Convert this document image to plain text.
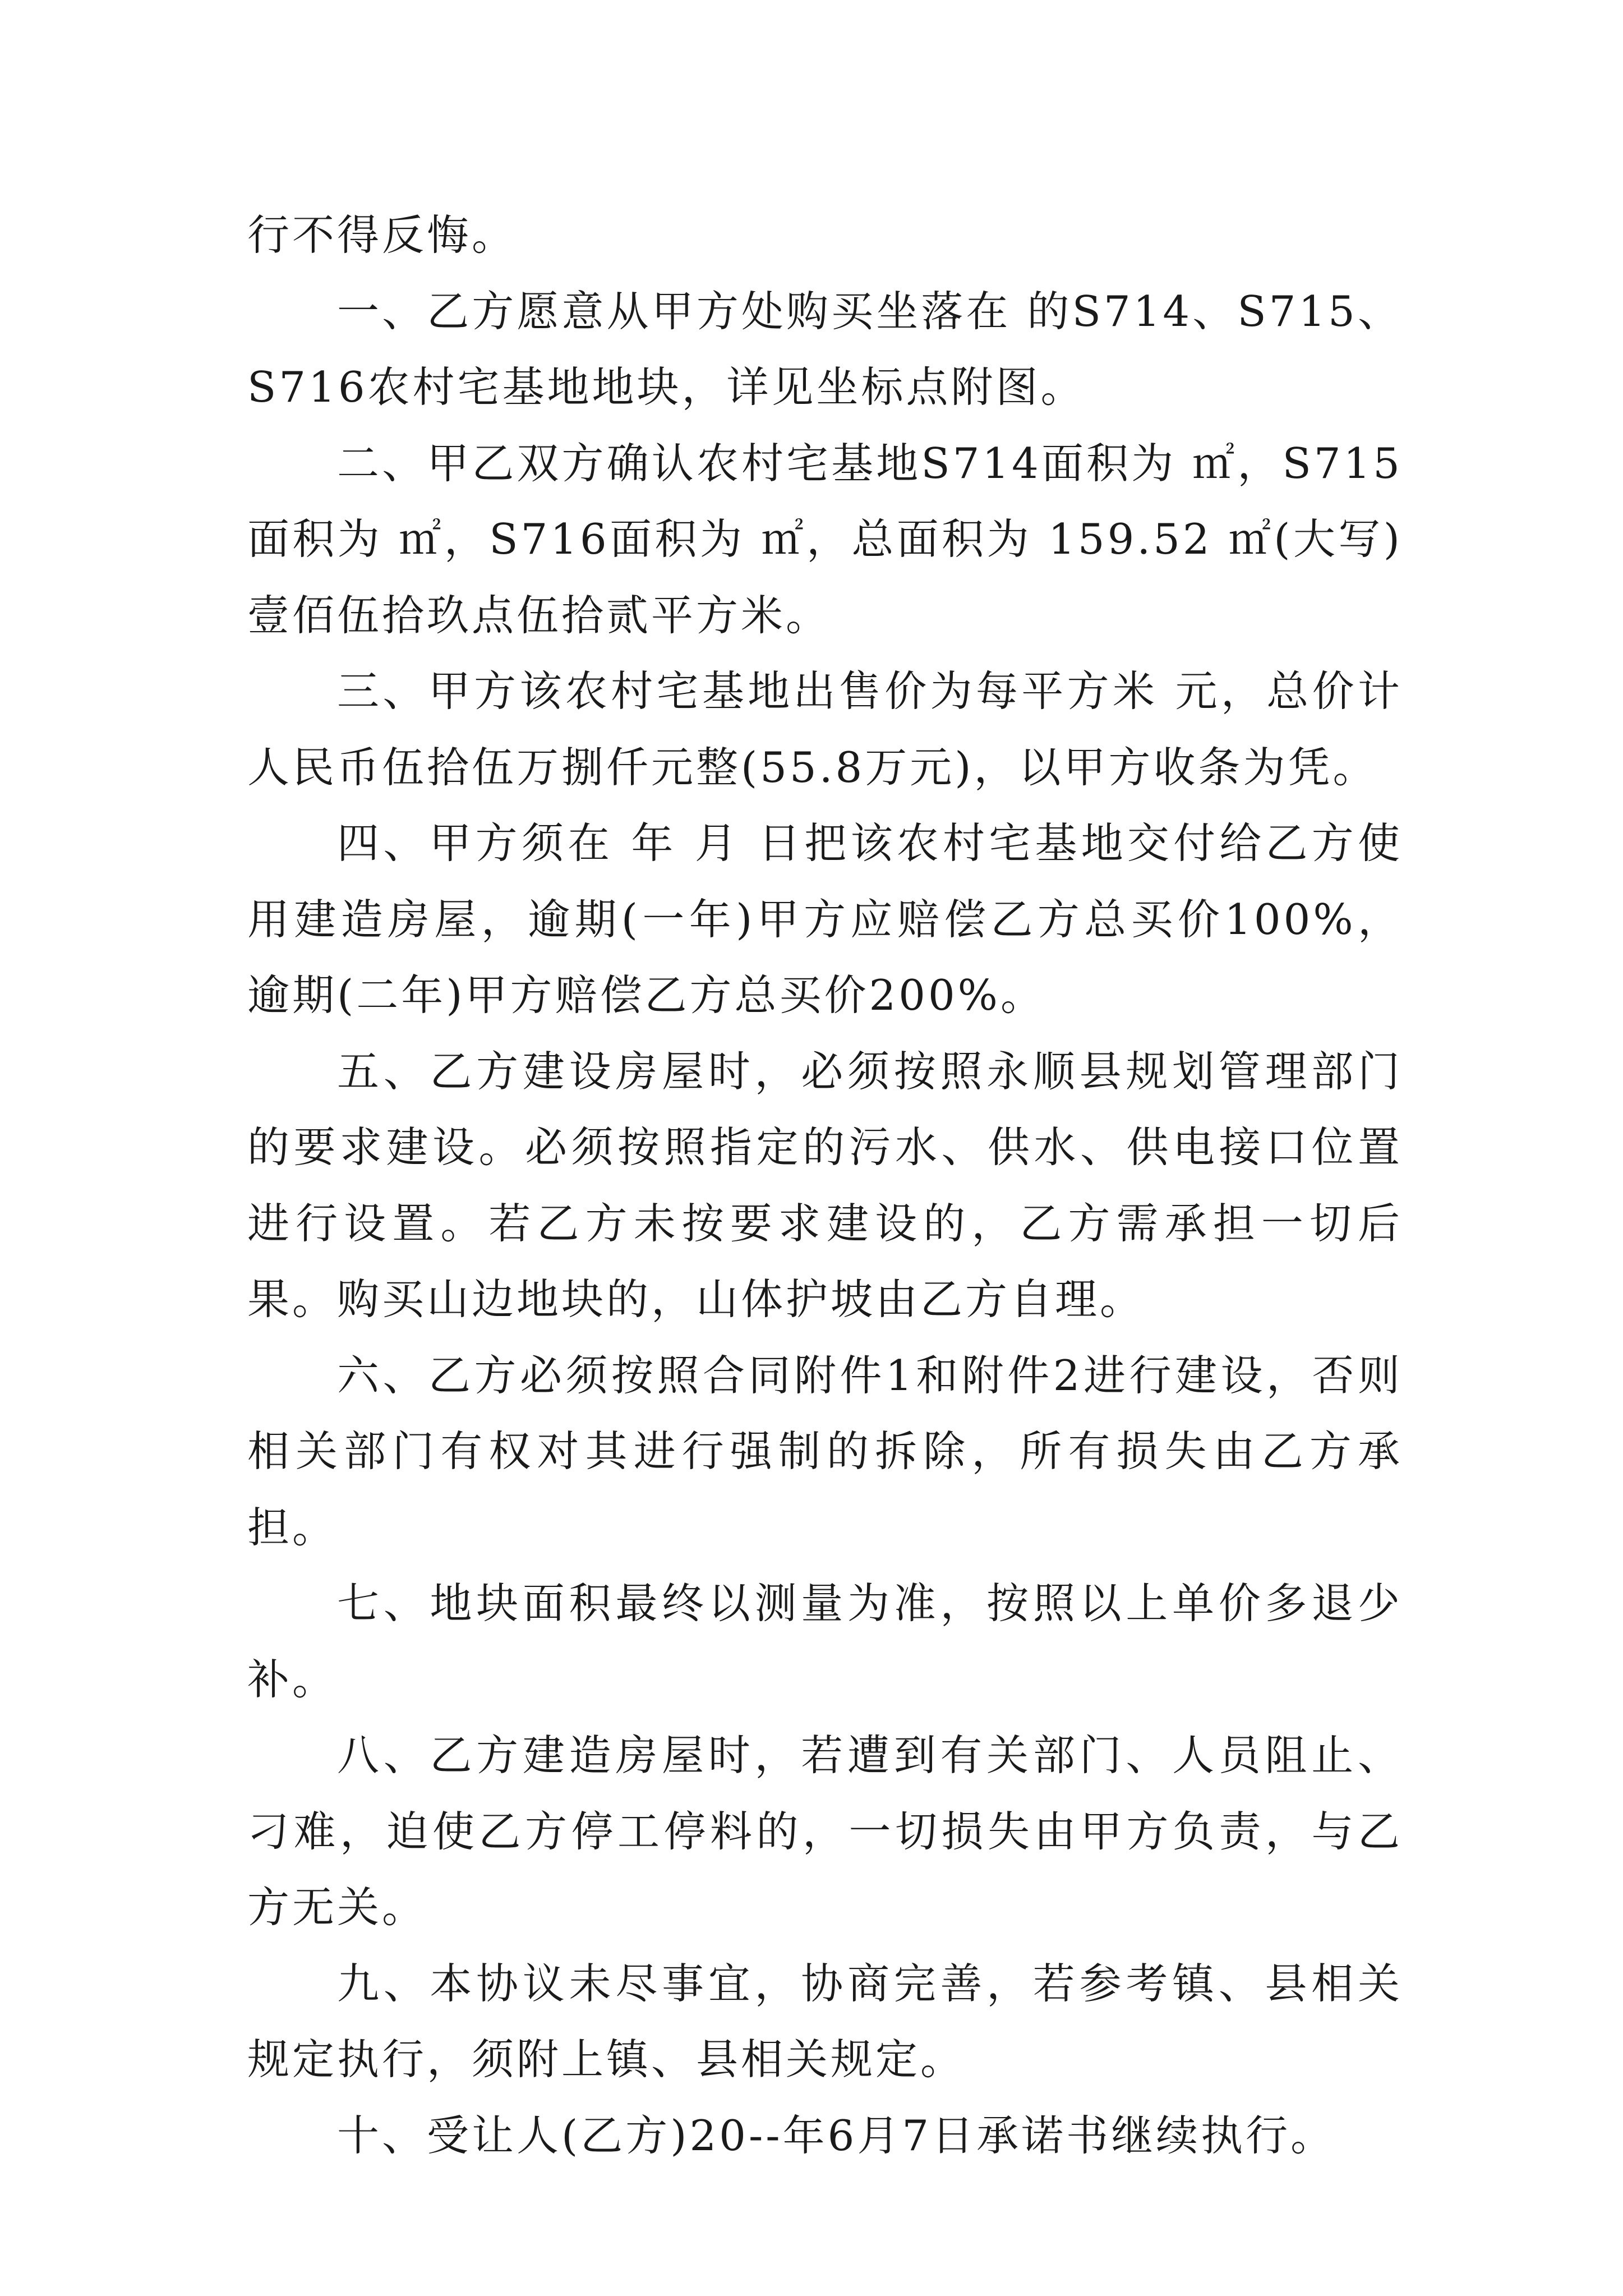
行不得反悔。

一、乙方愿意从甲方处购买坐落在 的S714、S715、S716农村宅基地地块，详见坐标点附图。

二、甲乙双方确认农村宅基地S714面积为 ㎡，S715面积为 ㎡，S716面积为 ㎡，总面积为 159.52 ㎡(大写)壹佰伍拾玖点伍拾贰平方米。

三、甲方该农村宅基地出售价为每平方米 元，总价计人民币伍拾伍万捌仟元整(55.8万元)，以甲方收条为凭。

四、甲方须在 年 月 日把该农村宅基地交付给乙方使用建造房屋，逾期(一年)甲方应赔偿乙方总买价100%，逾期(二年)甲方赔偿乙方总买价200%。

五、乙方建设房屋时，必须按照永顺县规划管理部门的要求建设。必须按照指定的污水、供水、供电接口位置进行设置。若乙方未按要求建设的，乙方需承担一切后果。购买山边地块的，山体护坡由乙方自理。

六、乙方必须按照合同附件1和附件2进行建设，否则相关部门有权对其进行强制的拆除，所有损失由乙方承担。

七、地块面积最终以测量为准，按照以上单价多退少补。

八、乙方建造房屋时，若遭到有关部门、人员阻止、刁难，迫使乙方停工停料的，一切损失由甲方负责，与乙方无关。

九、本协议未尽事宜，协商完善，若参考镇、县相关规定执行，须附上镇、县相关规定。

十、受让人(乙方)20--年6月7日承诺书继续执行。
